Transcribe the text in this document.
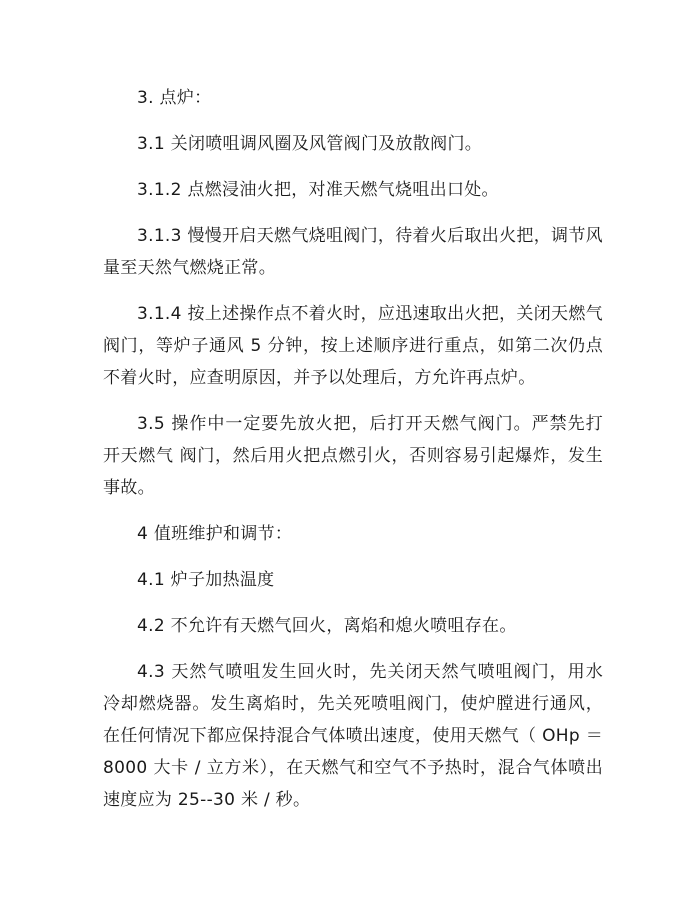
3. 点炉：

3.1 关闭喷咀调风圈及风管阀门及放散阀门。

3.1.2 点燃浸油火把，对准天燃气烧咀出口处。

3.1.3 慢慢开启天燃气烧咀阀门，待着火后取出火把，调节风量至天然气燃烧正常。

3.1.4 按上述操作点不着火时，应迅速取出火把，关闭天燃气阀门，等炉子通风 5 分钟，按上述顺序进行重点，如第二次仍点不着火时，应查明原因，并予以处理后，方允许再点炉。

3.5 操作中一定要先放火把，后打开天燃气阀门。严禁先打开天燃气 阀门，然后用火把点燃引火，否则容易引起爆炸，发生事故。

4 值班维护和调节：

4.1 炉子加热温度

4.2 不允许有天燃气回火，离焰和熄火喷咀存在。

4.3 天然气喷咀发生回火时，先关闭天然气喷咀阀门，用水冷却燃烧器。发生离焰时，先关死喷咀阀门，使炉膛进行通风，在任何情况下都应保持混合气体喷出速度，使用天燃气（ OHp ＝ 8000 大卡 / 立方米），在天燃气和空气不予热时，混合气体喷出速度应为 25--30 米 / 秒。
